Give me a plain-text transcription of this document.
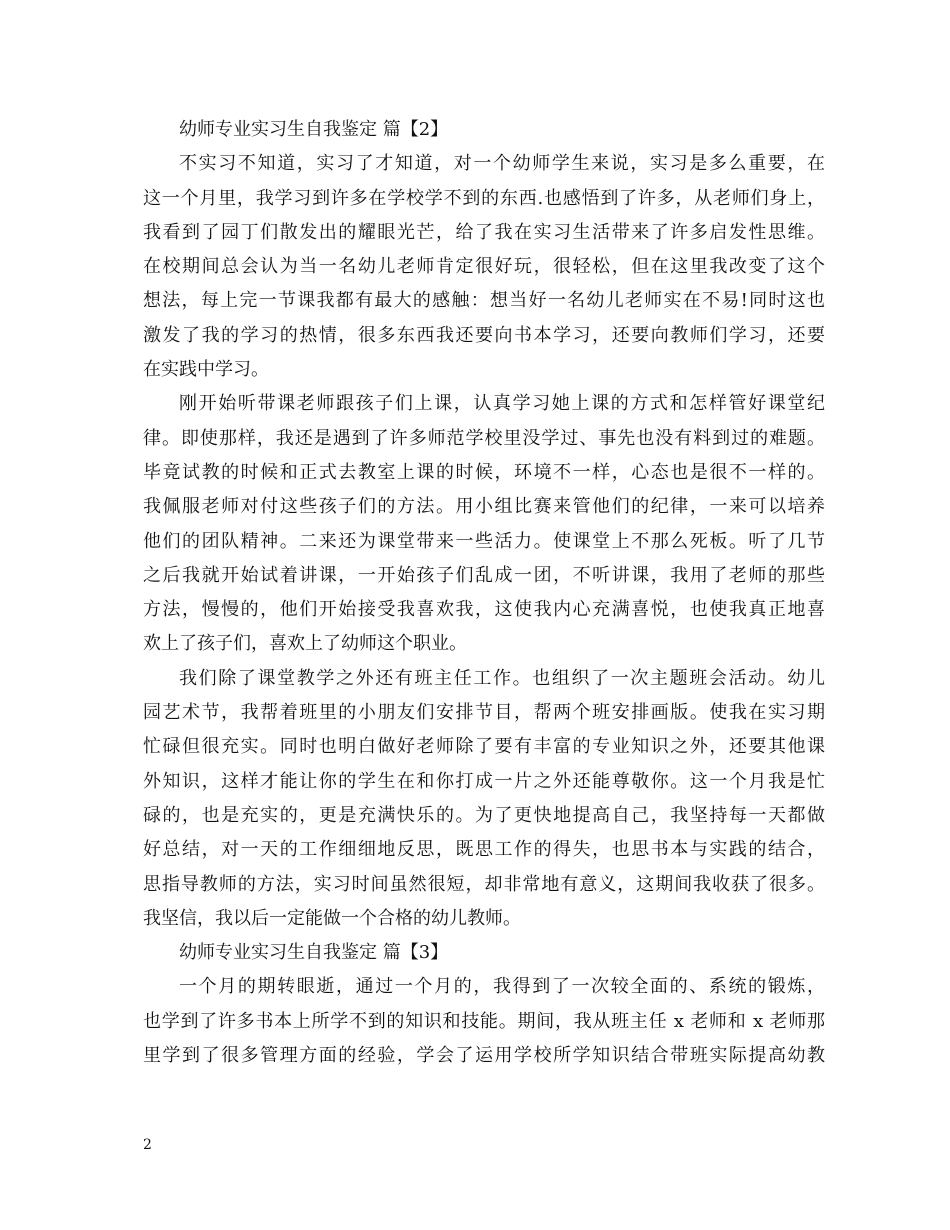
幼师专业实习生自我鉴定 篇【2】
不实习不知道，实习了才知道，对一个幼师学生来说，实习是多么重要，在
这一个月里，我学习到许多在学校学不到的东西.也感悟到了许多，从老师们身上，
我看到了园丁们散发出的耀眼光芒，给了我在实习生活带来了许多启发性思维。
在校期间总会认为当一名幼儿老师肯定很好玩，很轻松，但在这里我改变了这个
想法，每上完一节课我都有最大的感触：想当好一名幼儿老师实在不易!同时这也
激发了我的学习的热情，很多东西我还要向书本学习，还要向教师们学习，还要
在实践中学习。
刚开始听带课老师跟孩子们上课，认真学习她上课的方式和怎样管好课堂纪
律。即使那样，我还是遇到了许多师范学校里没学过、事先也没有料到过的难题。
毕竟试教的时候和正式去教室上课的时候，环境不一样，心态也是很不一样的。
我佩服老师对付这些孩子们的方法。用小组比赛来管他们的纪律，一来可以培养
他们的团队精神。二来还为课堂带来一些活力。使课堂上不那么死板。听了几节
之后我就开始试着讲课，一开始孩子们乱成一团，不听讲课，我用了老师的那些
方法，慢慢的，他们开始接受我喜欢我，这使我内心充满喜悦，也使我真正地喜
欢上了孩子们，喜欢上了幼师这个职业。
我们除了课堂教学之外还有班主任工作。也组织了一次主题班会活动。幼儿
园艺术节，我帮着班里的小朋友们安排节目，帮两个班安排画版。使我在实习期
忙碌但很充实。同时也明白做好老师除了要有丰富的专业知识之外，还要其他课
外知识，这样才能让你的学生在和你打成一片之外还能尊敬你。这一个月我是忙
碌的，也是充实的，更是充满快乐的。为了更快地提高自己，我坚持每一天都做
好总结，对一天的工作细细地反思，既思工作的得失，也思书本与实践的结合，
思指导教师的方法，实习时间虽然很短，却非常地有意义，这期间我收获了很多。
我坚信，我以后一定能做一个合格的幼儿教师。
幼师专业实习生自我鉴定 篇【3】
一个月的期转眼逝，通过一个月的，我得到了一次较全面的、系统的锻炼，
也学到了许多书本上所学不到的知识和技能。期间，我从班主任 x 老师和 x 老师那
里学到了很多管理方面的经验，学会了运用学校所学知识结合带班实际提高幼教
2
